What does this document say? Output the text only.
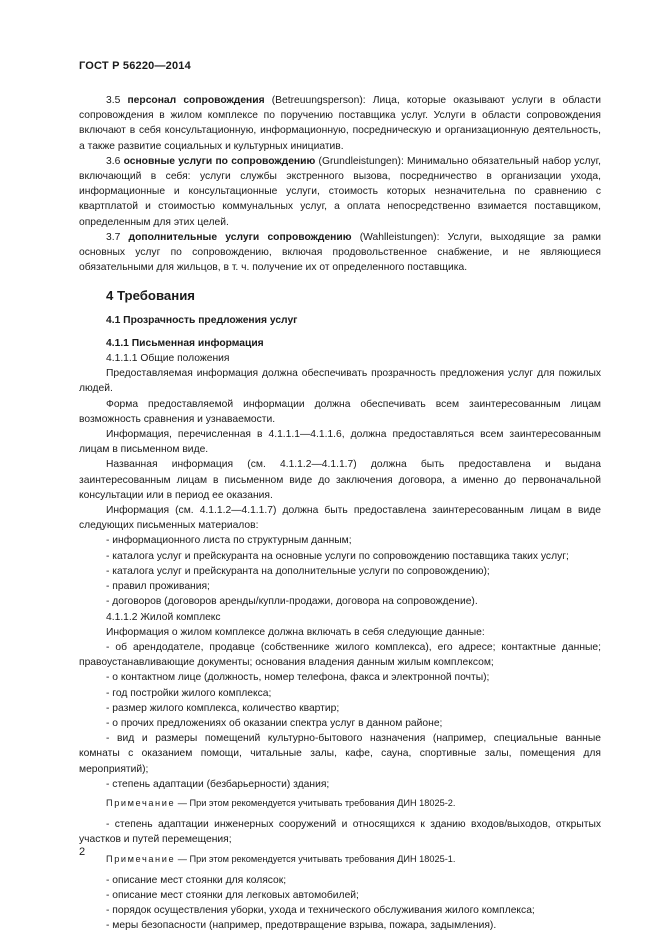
ГОСТ Р 56220—2014

3.5 персонал сопровождения (Betreuungsperson): Лица, которые оказывают услуги в области сопровождения в жилом комплексе по поручению поставщика услуг. Услуги в области сопровождения включают в себя консультационную, информационную, посредническую и организационную деятельность, а также развитие социальных и культурных инициатив.

3.6 основные услуги по сопровождению (Grundleistungen): Минимально обязательный набор услуг, включающий в себя: услуги службы экстренного вызова, посредничество в организации ухода, информационные и консультационные услуги, стоимость которых незначительна по сравнению с квартплатой и стоимостью коммунальных услуг, а оплата непосредственно взимается поставщиком, определенным для этих целей.

3.7 дополнительные услуги сопровождению (Wahlleistungen): Услуги, выходящие за рамки основных услуг по сопровождению, включая продовольственное снабжение, и не являющиеся обязательными для жильцов, в т. ч. получение их от определенного поставщика.

4 Требования

4.1 Прозрачность предложения услуг

4.1.1 Письменная информация

4.1.1.1 Общие положения

Предоставляемая информация должна обеспечивать прозрачность предложения услуг для пожилых людей.

Форма предоставляемой информации должна обеспечивать всем заинтересованным лицам возможность сравнения и узнаваемости.

Информация, перечисленная в 4.1.1.1—4.1.1.6, должна предоставляться всем заинтересованным лицам в письменном виде.

Названная информация (см. 4.1.1.2—4.1.1.7) должна быть предоставлена и выдана заинтересованным лицам в письменном виде до заключения договора, а именно до первоначальной консультации или в период ее оказания.

Информация (см. 4.1.1.2—4.1.1.7) должна быть предоставлена заинтересованным лицам в виде следующих письменных материалов:

- информационного листа по структурным данным;

- каталога услуг и прейскуранта на основные услуги по сопровождению поставщика таких услуг;

- каталога услуг и прейскуранта на дополнительные услуги по сопровождению);

- правил проживания;

- договоров (договоров аренды/купли-продажи, договора на сопровождение).

4.1.1.2 Жилой комплекс

Информация о жилом комплексе должна включать в себя следующие данные:

- об арендодателе, продавце (собственнике жилого комплекса), его адресе; контактные данные; правоустанавливающие документы; основания владения данным жилым комплексом;

- о контактном лице (должность, номер телефона, факса и электронной почты);

- год постройки жилого комплекса;

- размер жилого комплекса, количество квартир;

- о прочих предложениях об оказании спектра услуг в данном районе;

- вид и размеры помещений культурно-бытового назначения (например, специальные ванные комнаты с оказанием помощи, читальные залы, кафе, сауна, спортивные залы, помещения для мероприятий);

- степень адаптации (безбарьерности) здания;

Примечание — При этом рекомендуется учитывать требования ДИН 18025-2.

- степень адаптации инженерных сооружений и относящихся к зданию входов/выходов, открытых участков и путей перемещения;

Примечание — При этом рекомендуется учитывать требования ДИН 18025-1.

- описание мест стоянки для колясок;

- описание мест стоянки для легковых автомобилей;

- порядок осуществления уборки, ухода и технического обслуживания жилого комплекса;

- меры безопасности (например, предотвращение взрыва, пожара, задымления).

2
